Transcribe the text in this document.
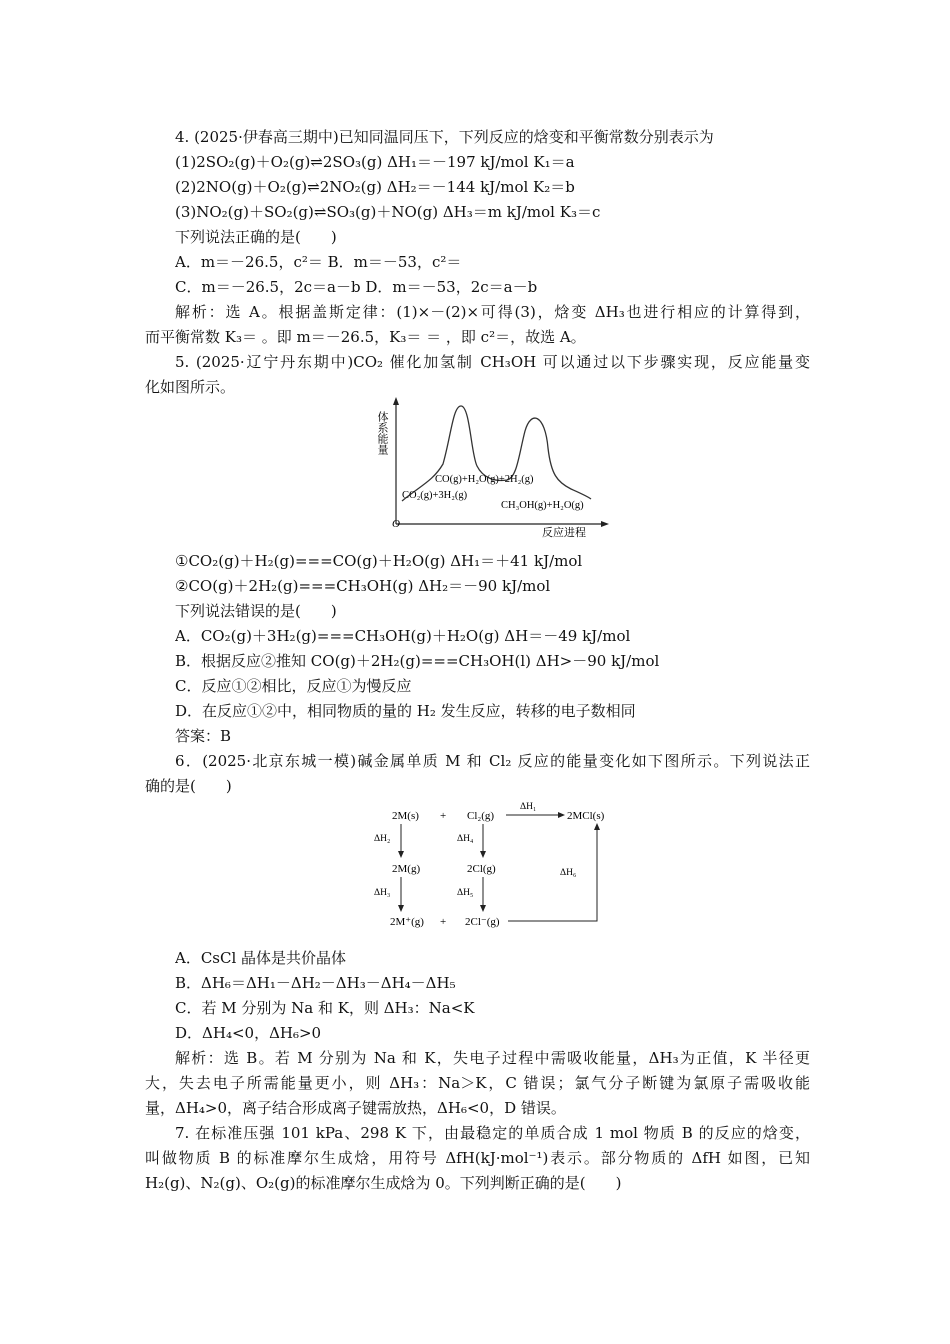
4. (2025·伊春高三期中)已知同温同压下，下列反应的焓变和平衡常数分别表示为
(1)2SO₂(g)＋O₂(g)⇌2SO₃(g) ΔH₁＝－197 kJ/mol K₁＝a
(2)2NO(g)＋O₂(g)⇌2NO₂(g) ΔH₂＝－144 kJ/mol K₂＝b
(3)NO₂(g)＋SO₂(g)⇌SO₃(g)＋NO(g) ΔH₃＝m kJ/mol K₃＝c
下列说法正确的是(　　)
A．m＝－26.5，c²＝ B．m＝－53，c²＝
C．m＝－26.5，2c＝a－b D．m＝－53，2c＝a－b
解析：选 A。根据盖斯定律：(1)×－(2)×可得(3)，焓变 ΔH₃也进行相应的计算得到，
而平衡常数 K₃＝ 。即 m＝－26.5，K₃＝ ＝ ，即 c²＝，故选 A。
5. (2025·辽宁丹东期中)CO₂ 催化加氢制 CH₃OH 可以通过以下步骤实现，反应能量变
化如图所示。
体系能量
反应进程
O
CO₂(g)+3H₂(g)
CO(g)+H₂O(g)+2H₂(g)
CH₃OH(g)+H₂O(g)
①CO₂(g)＋H₂(g)===CO(g)＋H₂O(g) ΔH₁＝＋41 kJ/mol
②CO(g)＋2H₂(g)===CH₃OH(g) ΔH₂＝－90 kJ/mol
下列说法错误的是(　　)
A．CO₂(g)＋3H₂(g)===CH₃OH(g)＋H₂O(g) ΔH＝－49 kJ/mol
B．根据反应②推知 CO(g)＋2H₂(g)===CH₃OH(l) ΔH>－90 kJ/mol
C．反应①②相比，反应①为慢反应
D．在反应①②中，相同物质的量的 H₂ 发生反应，转移的电子数相同
答案：B
6．(2025·北京东城一模)碱金属单质 M 和 Cl₂ 反应的能量变化如下图所示。下列说法正
确的是(　　)
2M(s) + Cl₂(g)
ΔH₁
2MCl(s)
ΔH₂	ΔH₄
2M(g)	2Cl(g)
ΔH₃	ΔH₅
2M⁺(g) + 2Cl⁻(g)
ΔH₆
A．CsCl 晶体是共价晶体
B．ΔH₆＝ΔH₁－ΔH₂－ΔH₃－ΔH₄－ΔH₅
C．若 M 分别为 Na 和 K，则 ΔH₃：Na<K
D．ΔH₄<0，ΔH₆>0
解析：选 B。若 M 分别为 Na 和 K，失电子过程中需吸收能量，ΔH₃为正值，K 半径更
大，失去电子所需能量更小，则 ΔH₃：Na＞K，C 错误；氯气分子断键为氯原子需吸收能
量，ΔH₄>0，离子结合形成离子键需放热，ΔH₆<0，D 错误。
7. 在标准压强 101 kPa、298 K 下，由最稳定的单质合成 1 mol 物质 B 的反应的焓变，
叫做物质 B 的标准摩尔生成焓，用符号 ΔfH(kJ·mol⁻¹)表示。部分物质的 ΔfH 如图，已知
H₂(g)、N₂(g)、O₂(g)的标准摩尔生成焓为 0。下列判断正确的是(　　)
